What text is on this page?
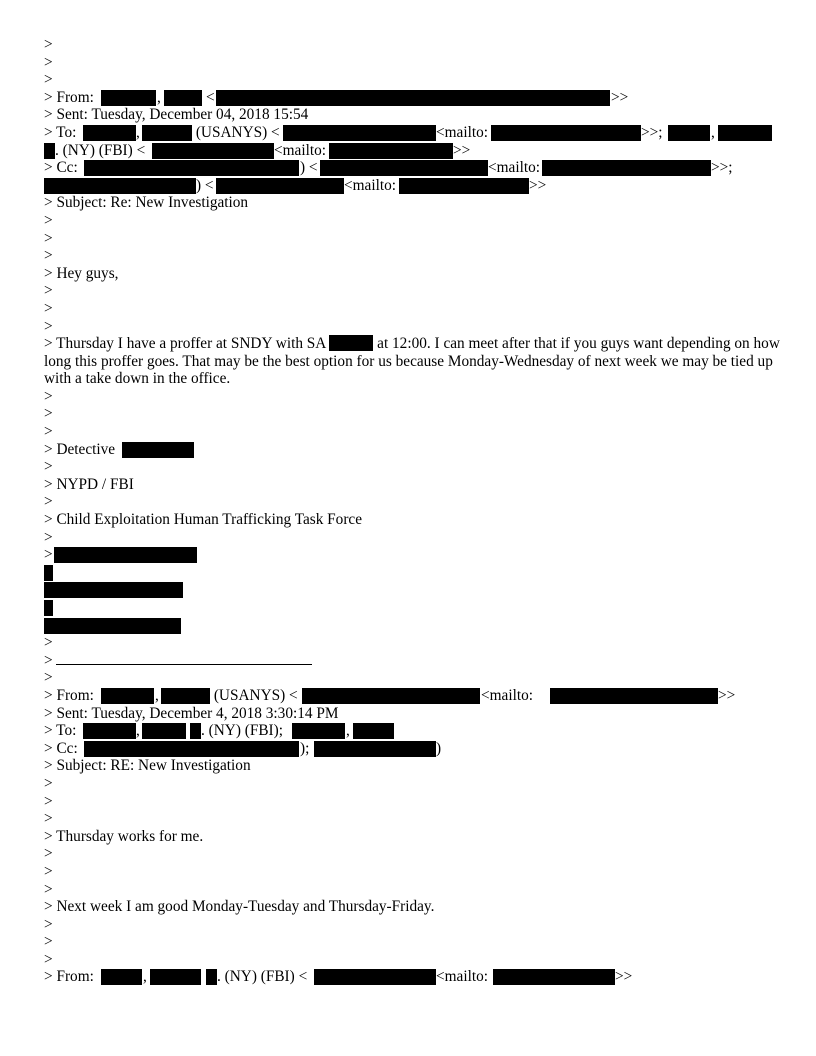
>
>
>
> From:	,	<	>>
> Sent: Tuesday, December 04, 2018 15:54
> To:	,	(USANYS) <	<mailto:	>>;	,
. (NY) (FBI) <	<mailto:	>>
> Cc:	) <	<mailto:	>>;
) <	<mailto:	>>
> Subject: Re: New Investigation
>
>
>
> Hey guys,
>
>
>
> Thursday I have a proffer at SNDY with SA	at 12:00. I can meet after that if you guys want depending on how long this proffer goes. That may be the best option for us because Monday-Wednesday of next week we may be tied up with a take down in the office.
>
>
>
> Detective
>
> NYPD / FBI
>
> Child Exploitation Human Trafficking Task Force
>
>
>
>
>
> From:	,	(USANYS) <	<mailto:	>>
> Sent: Tuesday, December 4, 2018 3:30:14 PM
> To:	,	. (NY) (FBI);	,
> Cc:	);	)
> Subject: RE: New Investigation
>
>
>
> Thursday works for me.
>
>
>
> Next week I am good Monday-Tuesday and Thursday-Friday.
>
>
>
> From:	,	. (NY) (FBI) <	<mailto:	>>
